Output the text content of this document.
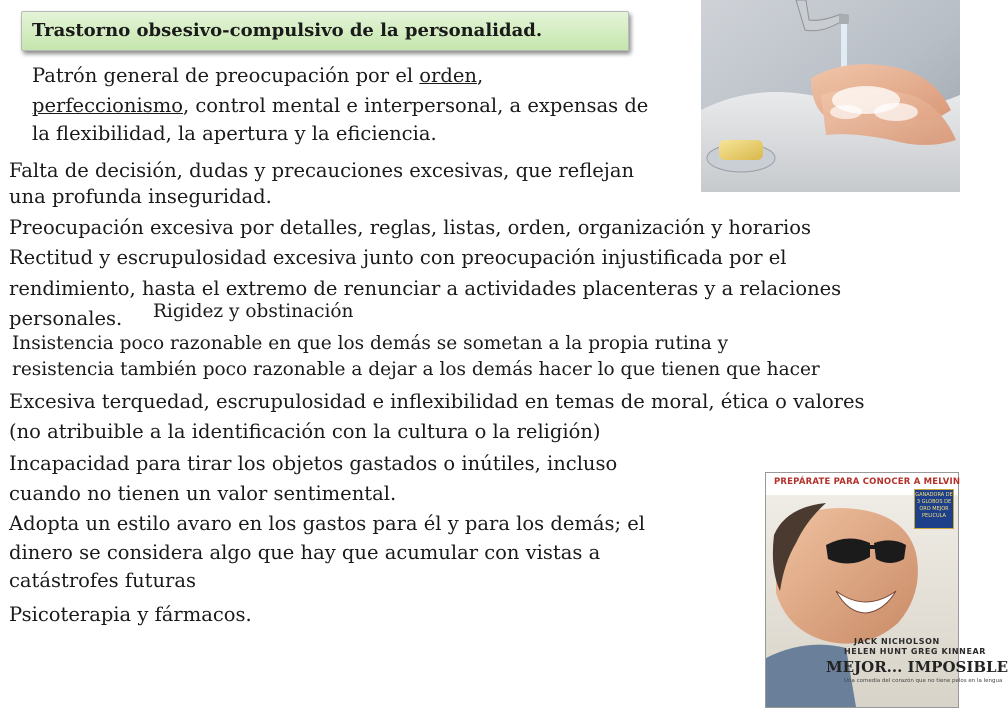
Trastorno obsesivo-compulsivo de la personalidad.

Patrón general de preocupación por el orden,

perfeccionismo, control mental e interpersonal, a expensas de

la flexibilidad, la apertura y la eficiencia.

Falta de decisión, dudas y precauciones excesivas, que reflejan

una profunda inseguridad.

Preocupación excesiva por detalles, reglas, listas, orden, organización y horarios

Rectitud y escrupulosidad excesiva junto con preocupación injustificada por el

rendimiento, hasta el extremo de renunciar a actividades placenteras y a relaciones

personales. Rigidez y obstinación

Insistencia poco razonable en que los demás se sometan a la propia rutina y

resistencia también poco razonable a dejar a los demás hacer lo que tienen que hacer

Excesiva terquedad, escrupulosidad e inflexibilidad en temas de moral, ética o valores

(no atribuible a la identificación con la cultura o la religión)

Incapacidad para tirar los objetos gastados o inútiles, incluso

cuando no tienen un valor sentimental.

Adopta un estilo avaro en los gastos para él y para los demás; el

dinero se considera algo que hay que acumular con vistas a

catástrofes futuras

Psicoterapia y fármacos.

PREPÁRATE PARA CONOCER A MELVIN
GANADORA DE 3 GLOBOS DE ORO MEJOR PELICULA
JACK NICHOLSON
HELEN HUNT GREG KINNEAR
MEJOR... IMPOSIBLE
Una comedia del corazón que no tiene pelos en la lengua
